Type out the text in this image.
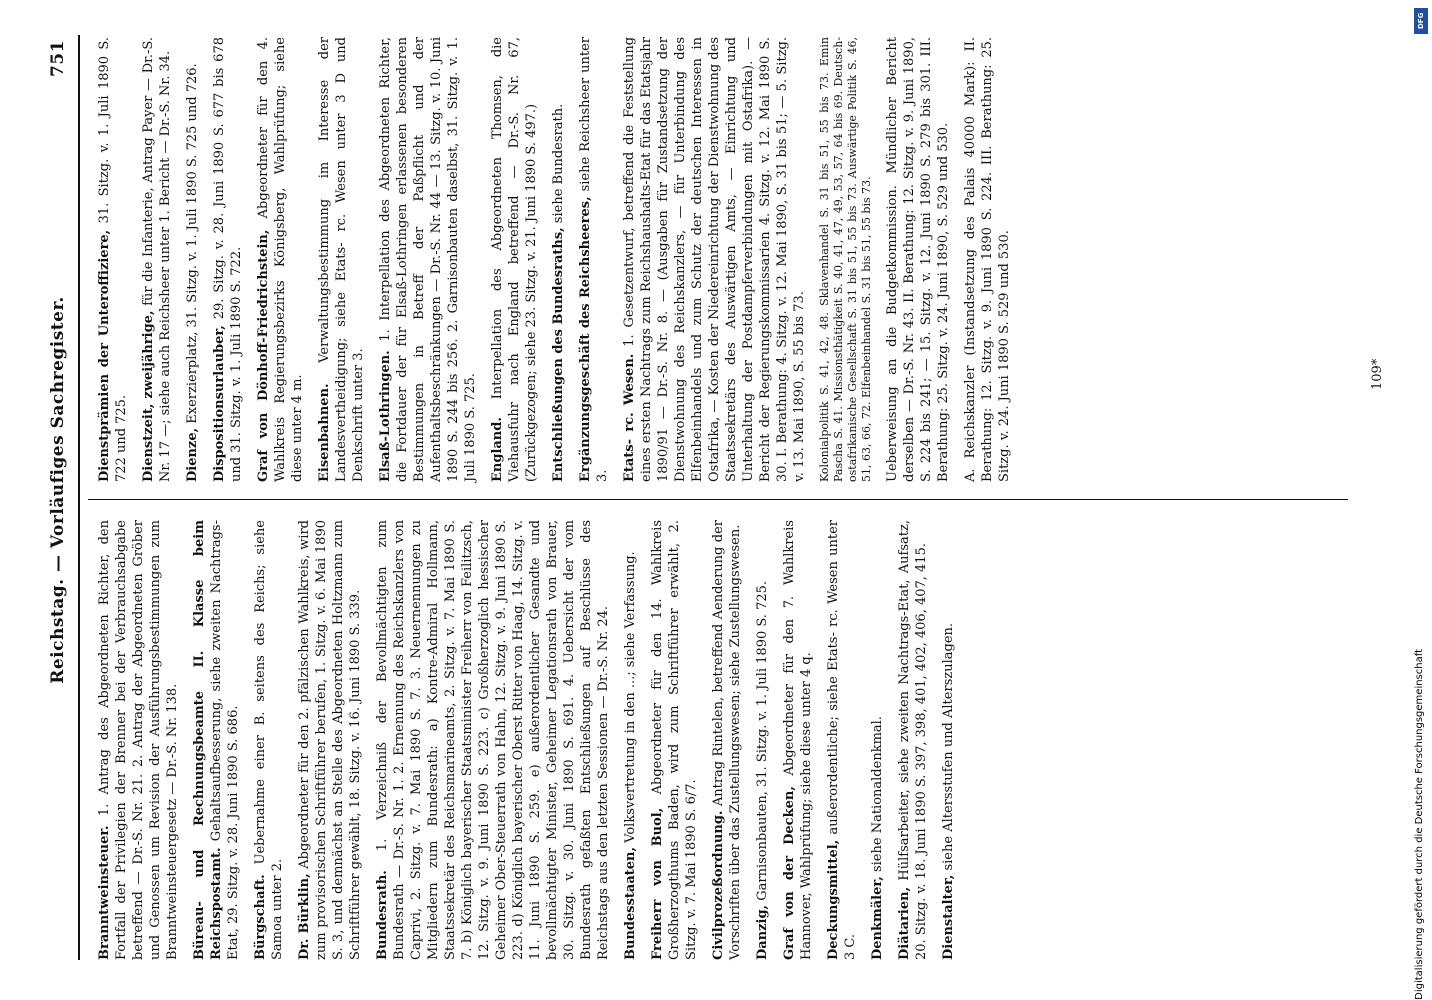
Reichstag. — Vorläufiges Sachregister.
751
Branntweinsteuer. 1. Antrag des Abgeordneten Richter, den Fortfall der Privilegien der Brenner bei der Verbrauchsabgabe betreffend — Dr.-S. Nr. 21. 2. Antrag der Abgeordneten Gröber und Genossen um Revision der Ausführungsbestimmungen zum Branntweinsteuergesetz — Dr.-S. Nr. 138. Büreau- und Rechnungsbeamte II. Klasse beim Reichspostamt. Gehaltsaufbesserung, siehe zweiten Nachtrags-Etat, 29. Sitzg. v. 28. Juni 1890 S. 686. Bürgschaft. Uebernahme einer B. seitens des Reichs; siehe Samoa unter 2. Dr. Bürklin, Abgeordneter für den 2. pfälzischen Wahlkreis, wird zum provisorischen Schriftführer berufen, 1. Sitzg. v. 6. Mai 1890 S. 3, und demnächst an Stelle des Abgeordneten Holtzmann zum Schriftführer gewählt, 18. Sitzg. v. 16. Juni 1890 S. 339. Bundesrath. 1. Verzeichniß der Bevollmächtigten zum Bundesrath — Dr.-S. Nr. 1. 2. Ernennung des Reichskanzlers von Caprivi, 2. Sitzg. v. 7. Mai 1890 S. 7. 3. Neuernennungen zu Mitgliedern zum Bundesrath: a) Kontre-Admiral Hollmann, Staatssekretär des Reichsmarineamts, 2. Sitzg. v. 7. Mai 1890 S. 7. b) Königlich bayerischer Staatsminister Freiherr von Feilitzsch, 12. Sitzg. v. 9. Juni 1890 S. 223. c) Großherzoglich hessischer Geheimer Ober-Steuerrath von Hahn, 12. Sitzg. v. 9. Juni 1890 S. 223. d) Königlich bayerischer Oberst Ritter von Haag, 14. Sitzg. v. 11. Juni 1890 S. 259. e) außerordentlicher Gesandte und bevollmächtigter Minister, Geheimer Legationsrath von Brauer, 30. Sitzg. v. 30. Juni 1890 S. 691. 4. Uebersicht der vom Bundesrath gefaßten Entschließungen auf Beschlüsse des Reichstags aus den letzten Sessionen — Dr.-S. Nr. 24. Bundesstaaten, Volksvertretung in den ...; siehe Verfassung.
Freiherr von Buol, Abgeordneter für den 14. Wahlkreis Großherzogthums Baden, wird zum Schriftführer erwählt, 2. Sitzg. v. 7. Mai 1890 S. 6/7. Civilprozeßordnung. Antrag Rintelen, betreffend Aenderung der Vorschriften über das Zustellungswesen; siehe Zustellungswesen. Danzig, Garnisonbauten, 31. Sitzg. v. 1. Juli 1890 S. 725. Graf von der Decken, Abgeordneter für den 7. Wahlkreis Hannover, Wahlprüfung; siehe diese unter 4 q. Deckungsmittel, außerordentliche; siehe Etats- rc. Wesen unter 3 C. Denkmäler, siehe Nationaldenkmal.
Diätarien, Hülfsarbeiter, siehe zweiten Nachtrags-Etat, Aufsatz, 20. Sitzg. v. 18. Juni 1890 S. 397, 398, 401, 402, 406, 407, 415. Dienstalter, siehe Altersstufen und Alterszulagen.
Dienstprämien der Unteroffiziere, 31. Sitzg. v. 1. Juli 1890 S. 722 und 725. Dienstzeit, zweijährige, für die Infanterie, Antrag Payer — Dr.-S. Nr. 17 —; siehe auch Reichsheer unter 1. Bericht — Dr.-S. Nr. 34. Dienze, Exerzierplatz, 31. Sitzg. v. 1. Juli 1890 S. 725 und 726. Dispositionsurlauber, 29. Sitzg. v. 28. Juni 1890 S. 677 bis 678 und 31. Sitzg. v. 1. Juli 1890 S. 722. Graf von Dönhoff-Friedrichstein, Abgeordneter für den 4. Wahlkreis Regierungsbezirks Königsberg, Wahlprüfung; siehe diese unter 4 m. Eisenbahnen. Verwaltungsbestimmung im Interesse der Landesvertheidigung; siehe Etats- rc. Wesen unter 3 D und Denkschrift unter 3. Elsaß-Lothringen. 1. Interpellation des Abgeordneten Richter, die Fortdauer der für Elsaß-Lothringen erlassenen besonderen Bestimmungen in Betreff der Paßpflicht und der Aufenthaltsbeschränkungen — Dr.-S. Nr. 44 — 13. Sitzg. v. 10. Juni 1890 S. 244 bis 256. 2. Garnisonbauten daselbst, 31. Sitzg. v. 1. Juli 1890 S. 725. England. Interpellation des Abgeordneten Thomsen, die Viehausfuhr nach England betreffend — Dr.-S. Nr. 67, (Zurückgezogen; siehe 23. Sitzg. v. 21. Juni 1890 S. 497.) Entschließungen des Bundesraths, siehe Bundesrath.
Ergänzungsgeschäft des Reichsheeres, siehe Reichsheer unter 3. Etats- rc. Wesen. 1. Gesetzentwurf, betreffend die Feststellung eines ersten Nachtrags zum Reichshaushalts-Etat für das Etatsjahr 1890/91 — Dr.-S. Nr. 8. — (Ausgaben für Zustandsetzung der Dienstwohnung des Reichskanzlers, — für Unterbindung des Elfenbeinhandels und zum Schutz der deutschen Interessen in Ostafrika, — Kosten der Niedereinrichtung der Dienstwohnung des Staatssekretärs des Auswärtigen Amts, — Einrichtung und Unterhaltung der Postdampferverbindungen mit Ostafrika). — Bericht der Regierungskommissarien 4. Sitzg. v. 12. Mai 1890 S. 30. I. Berathung: 4. Sitzg. v. 12. Mai 1890, S. 31 bis 51; — 5. Sitzg. v. 13. Mai 1890, S. 55 bis 73. Kolonialpolitik S. 41, 42, 48. Sklavenhandel S. 31 bis 51, 55 bis 73. Emin Pascha S. 41. Missionsthätigkeit S. 40, 41, 47, 49, 53, 57, 64 bis 69. Deutsch-ostafrikanische Gesellschaft S. 31 bis 51, 55 bis 73. Auswärtige Politik S. 46, 51, 63, 66, 72. Elfenbeinhandel S. 31 bis 51, 55 bis 73. Ueberweisung an die Budgetkommission. Mündlicher Bericht derselben — Dr.-S. Nr. 43. II. Berathung: 12. Sitzg. v. 9. Juni 1890, S. 224 bis 241; — 15. Sitzg. v. 12. Juni 1890 S. 279 bis 301. III. Berathung: 25. Sitzg. v. 24. Juni 1890, S. 529 und 530. A. Reichskanzler (Instandsetzung des Palais 40000 Mark): II. Berathung: 12. Sitzg. v. 9. Juni 1890 S. 224. III. Berathung: 25. Sitzg. v. 24. Juni 1890 S. 529 und 530.	109*
Digitalisierung gefördert durch die Deutsche Forschungsgemeinschaft
DFG
